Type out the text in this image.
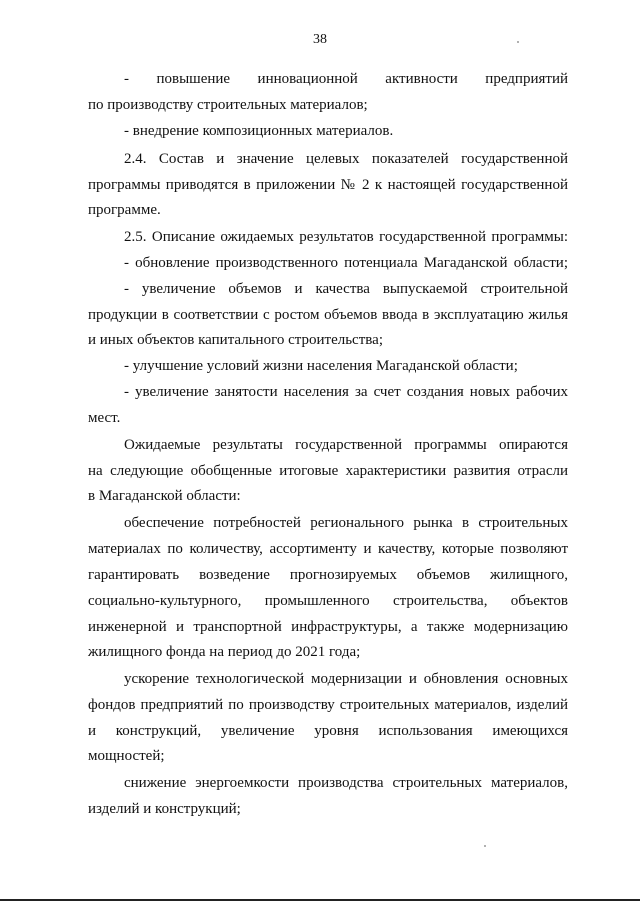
38
- повышение инновационной активности предприятий
по производству строительных материалов;
- внедрение композиционных материалов.
2.4. Состав и значение целевых показателей государственной
программы приводятся в приложении № 2 к настоящей государственной
программе.
2.5. Описание ожидаемых результатов государственной программы:
- обновление производственного потенциала Магаданской области;
- увеличение объемов и качества выпускаемой строительной
продукции в соответствии с ростом объемов ввода в эксплуатацию жилья
и иных объектов капитального строительства;
- улучшение условий жизни населения Магаданской области;
- увеличение занятости населения за счет создания новых рабочих
мест.
Ожидаемые результаты государственной программы опираются
на следующие обобщенные итоговые характеристики развития отрасли
в Магаданской области:
обеспечение потребностей регионального рынка в строительных
материалах по количеству, ассортименту и качеству, которые позволяют
гарантировать возведение прогнозируемых объемов жилищного,
социально-культурного, промышленного строительства, объектов
инженерной и транспортной инфраструктуры, а также модернизацию
жилищного фонда на период до 2021 года;
ускорение технологической модернизации и обновления основных
фондов предприятий по производству строительных материалов, изделий
и конструкций, увеличение уровня использования имеющихся
мощностей;
снижение энергоемкости производства строительных материалов,
изделий и конструкций;
